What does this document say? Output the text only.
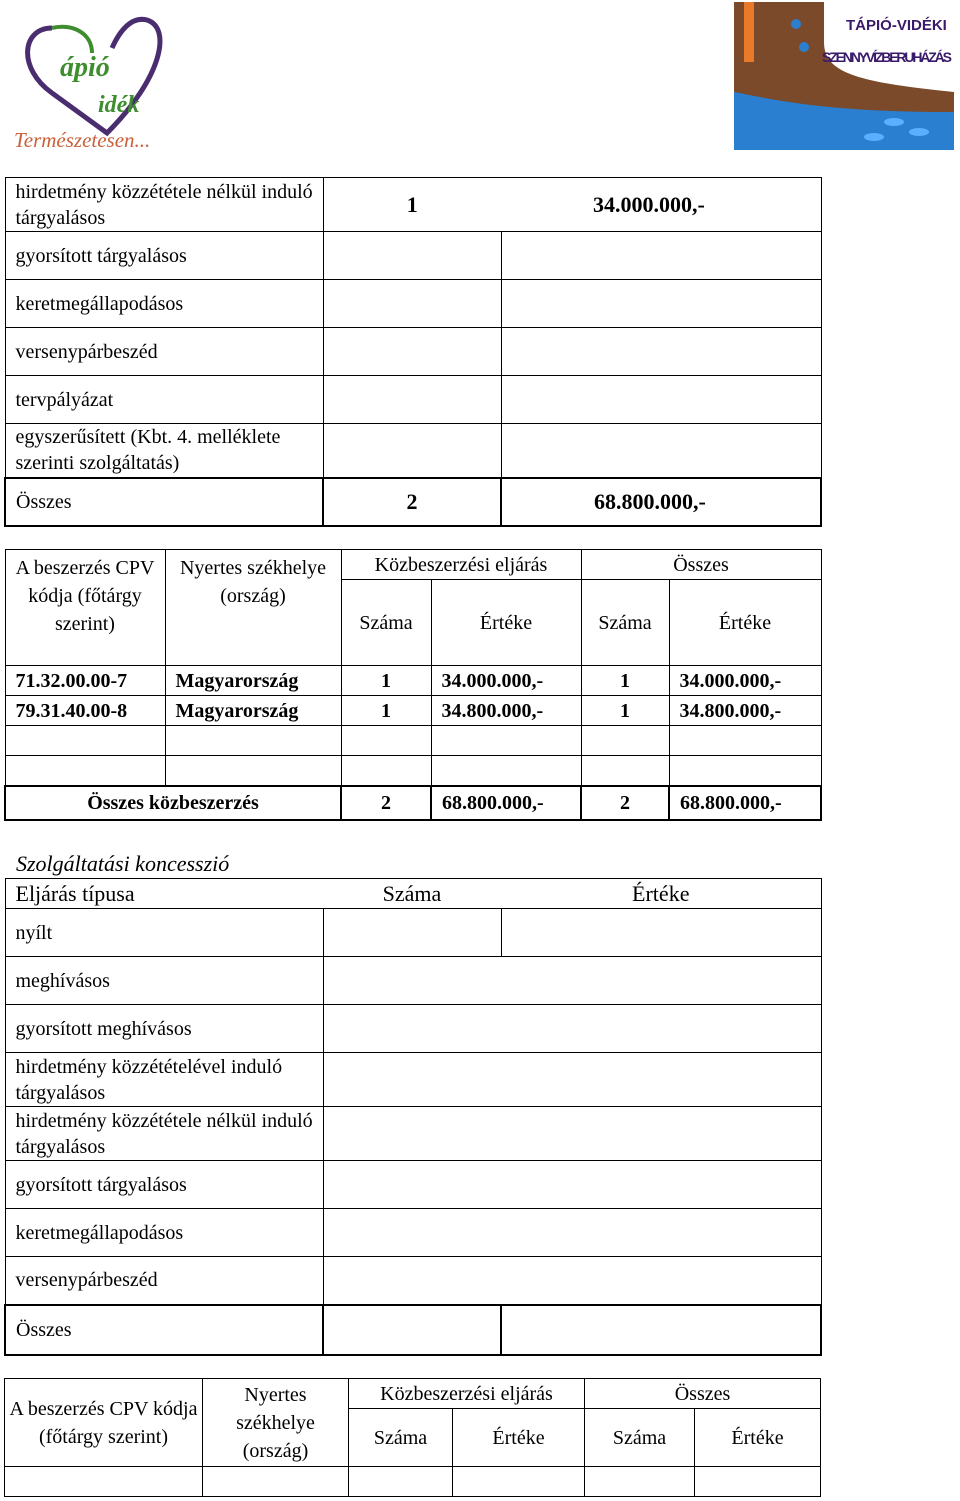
ápió
idék
Természetesen...
TÁPIÓ-VIDÉKI
SZENNYVÍZBERUHÁZÁS
hirdetmény közzététele nélkül induló tárgyalásos	1	34.000.000,-
gyorsított tárgyalásos		
keretmegállapodásos		
versenypárbeszéd		
tervpályázat		
egyszerűsített (Kbt. 4. melléklete szerinti szolgáltatás)		
Összes	2	68.800.000,-
A beszerzés CPV kódja (főtárgy szerint)	Nyertes székhelye (ország)	Közbeszerzési eljárás		Összes	
		Száma	Értéke	Száma	Értéke
71.32.00.00-7	Magyarország	1	34.000.000,-	1	34.000.000,-
79.31.40.00-8	Magyarország	1	34.800.000,-	1	34.800.000,-

Összes közbeszerzés		2	68.800.000,-	2	68.800.000,-
Szolgáltatási koncesszió
Eljárás típusa	Száma	Értéke
nyílt		
meghívásos		
gyorsított meghívásos		
hirdetmény közzétételével induló tárgyalásos		
hirdetmény közzététele nélkül induló tárgyalásos		
gyorsított tárgyalásos		
keretmegállapodásos		
versenypárbeszéd		
Összes		
A beszerzés CPV kódja (főtárgy szerint)	Nyertes székhelye (ország)	Közbeszerzési eljárás		Összes	
		Száma	Értéke	Száma	Értéke
